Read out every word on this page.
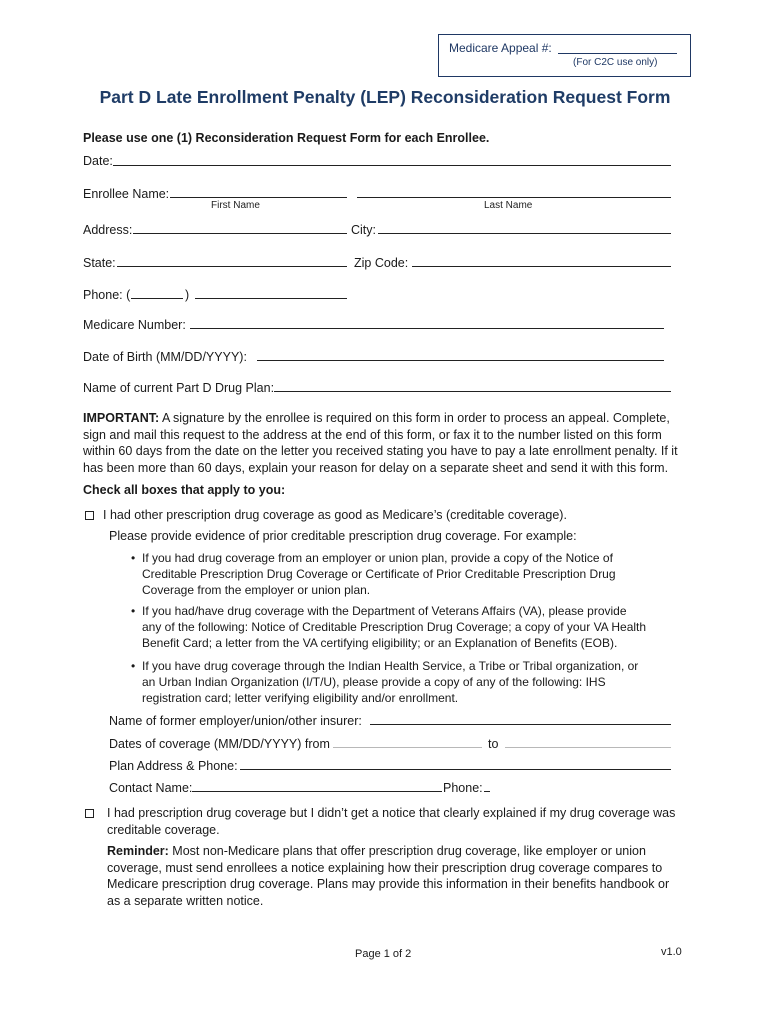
Medicare Appeal #:
(For C2C use only)
Part D Late Enrollment Penalty (LEP) Reconsideration Request Form
Please use one (1) Reconsideration Request Form for each Enrollee.
Date:
Enrollee Name:
First Name	Last Name
Address:	City:
State:	Zip Code:
Phone: (	)
Medicare Number:
Date of Birth (MM/DD/YYYY):
Name of current Part D Drug Plan:
IMPORTANT: A signature by the enrollee is required on this form in order to process an appeal. Complete,
sign and mail this request to the address at the end of this form, or fax it to the number listed on this form
within 60 days from the date on the letter you received stating you have to pay a late enrollment penalty. If it
has been more than 60 days, explain your reason for delay on a separate sheet and send it with this form.
Check all boxes that apply to you:
I had other prescription drug coverage as good as Medicare’s (creditable coverage).
Please provide evidence of prior creditable prescription drug coverage. For example:
• If you had drug coverage from an employer or union plan, provide a copy of the Notice of
Creditable Prescription Drug Coverage or Certificate of Prior Creditable Prescription Drug
Coverage from the employer or union plan.
• If you had/have drug coverage with the Department of Veterans Affairs (VA), please provide
any of the following: Notice of Creditable Prescription Drug Coverage; a copy of your VA Health
Benefit Card; a letter from the VA certifying eligibility; or an Explanation of Benefits (EOB).
• If you have drug coverage through the Indian Health Service, a Tribe or Tribal organization, or
an Urban Indian Organization (I/T/U), please provide a copy of any of the following: IHS
registration card; letter verifying eligibility and/or enrollment.
Name of former employer/union/other insurer:
Dates of coverage (MM/DD/YYYY) from	to
Plan Address & Phone:
Contact Name:	Phone:
I had prescription drug coverage but I didn’t get a notice that clearly explained if my drug coverage was
creditable coverage.
Reminder: Most non-Medicare plans that offer prescription drug coverage, like employer or union
coverage, must send enrollees a notice explaining how their prescription drug coverage compares to
Medicare prescription drug coverage. Plans may provide this information in their benefits handbook or
as a separate written notice.
Page 1 of 2	v1.0
